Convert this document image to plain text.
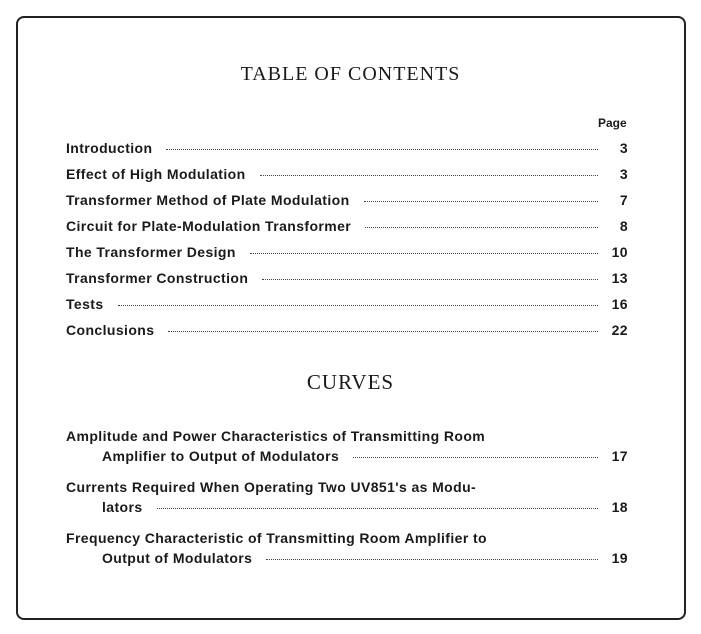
TABLE OF CONTENTS
Page
Introduction	3
Effect of High Modulation	3
Transformer Method of Plate Modulation	7
Circuit for Plate-Modulation Transformer	8
The Transformer Design	10
Transformer Construction	13
Tests	16
Conclusions	22
CURVES
Amplitude and Power Characteristics of Transmitting Room
Amplifier to Output of Modulators	17
Currents Required When Operating Two UV851's as Modu-
lators	18
Frequency Characteristic of Transmitting Room Amplifier to
Output of Modulators	19
